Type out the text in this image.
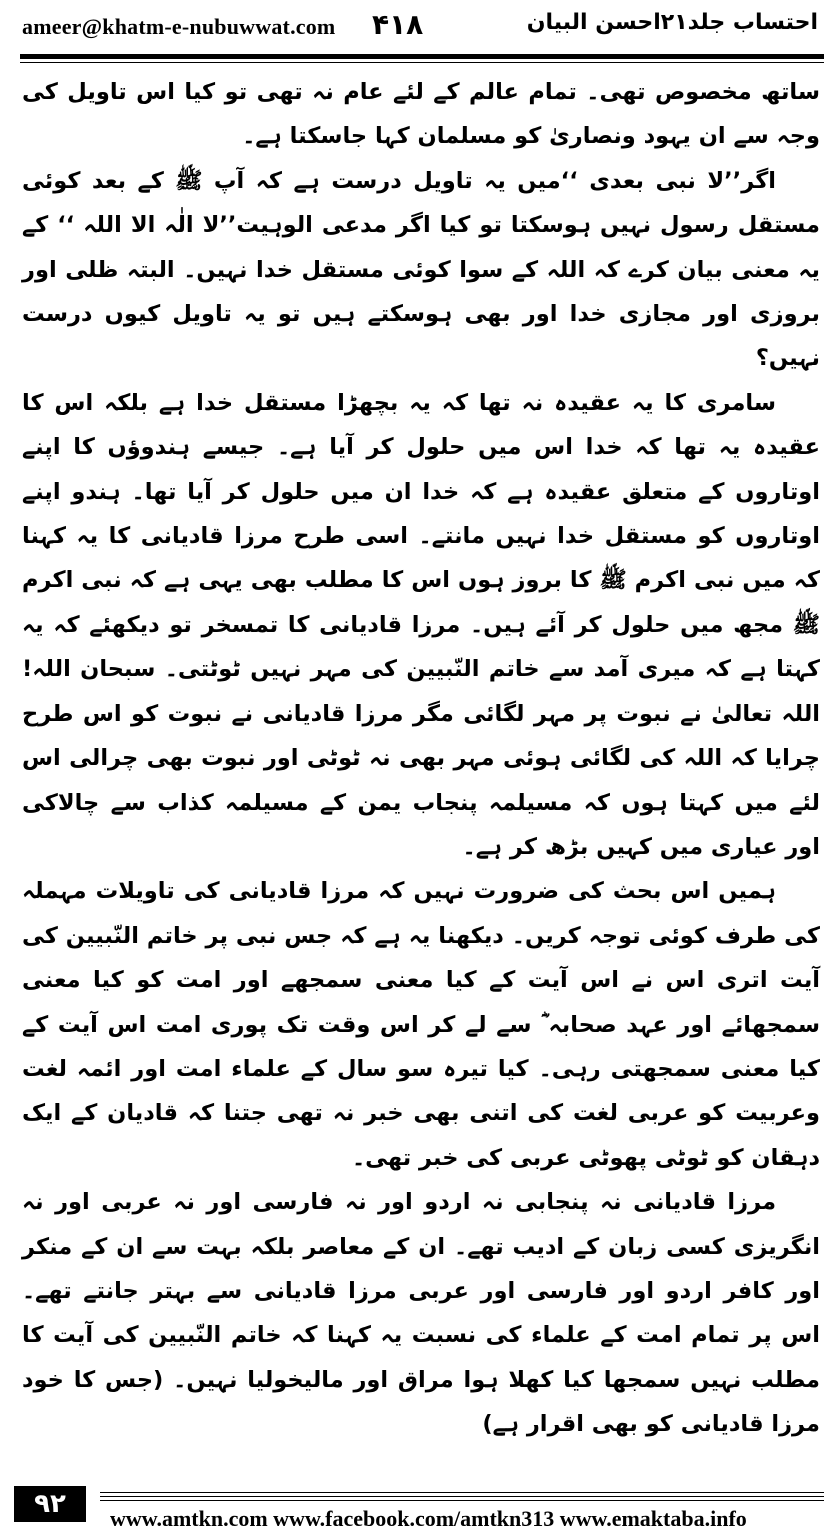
ameer@khatm-e-nubuwwat.com ۴۱۸	احتساب جلد۲۱احسن البیان

ساتھ مخصوص تھی۔ تمام عالم کے لئے عام نہ تھی تو کیا اس تاویل کی وجہ سے ان یہود ونصاریٰ کو مسلمان کہا جاسکتا ہے۔

اگر’’لا نبی بعدی ‘‘میں یہ تاویل درست ہے کہ آپ ﷺ کے بعد کوئی مستقل رسول نہیں ہوسکتا تو کیا اگر مدعی الوہیت’’لا الٰہ الا اللہ ‘‘ کے یہ معنی بیان کرے کہ اللہ کے سوا کوئی مستقل خدا نہیں۔ البتہ ظلی اور بروزی اور مجازی خدا اور بھی ہوسکتے ہیں تو یہ تاویل کیوں درست نہیں؟

سامری کا یہ عقیدہ نہ تھا کہ یہ بچھڑا مستقل خدا ہے بلکہ اس کا عقیدہ یہ تھا کہ خدا اس میں حلول کر آیا ہے۔ جیسے ہندوؤں کا اپنے اوتاروں کے متعلق عقیدہ ہے کہ خدا ان میں حلول کر آیا تھا۔ ہندو اپنے اوتاروں کو مستقل خدا نہیں مانتے۔ اسی طرح مرزا قادیانی کا یہ کہنا کہ میں نبی اکرم ﷺ کا بروز ہوں اس کا مطلب بھی یہی ہے کہ نبی اکرم ﷺ مجھ میں حلول کر آئے ہیں۔ مرزا قادیانی کا تمسخر تو دیکھئے کہ یہ کہتا ہے کہ میری آمد سے خاتم النّبیین کی مہر نہیں ٹوٹتی۔ سبحان اللہ! اللہ تعالیٰ نے نبوت پر مہر لگائی مگر مرزا قادیانی نے نبوت کو اس طرح چرایا کہ اللہ کی لگائی ہوئی مہر بھی نہ ٹوٹی اور نبوت بھی چرالی اس لئے میں کہتا ہوں کہ مسیلمہ پنجاب یمن کے مسیلمہ کذاب سے چالاکی اور عیاری میں کہیں بڑھ کر ہے۔

ہمیں اس بحث کی ضرورت نہیں کہ مرزا قادیانی کی تاویلات مہملہ کی طرف کوئی توجہ کریں۔ دیکھنا یہ ہے کہ جس نبی پر خاتم النّبیین کی آیت اتری اس نے اس آیت کے کیا معنی سمجھے اور امت کو کیا معنی سمجھائے اور عہد صحابہ ؓ سے لے کر اس وقت تک پوری امت اس آیت کے کیا معنی سمجھتی رہی۔ کیا تیرہ سو سال کے علماء امت اور ائمہ لغت وعربیت کو عربی لغت کی اتنی بھی خبر نہ تھی جتنا کہ قادیان کے ایک دہقان کو ٹوٹی پھوٹی عربی کی خبر تھی۔

مرزا قادیانی نہ پنجابی نہ اردو اور نہ فارسی اور نہ عربی اور نہ انگریزی کسی زبان کے ادیب تھے۔ ان کے معاصر بلکہ بہت سے ان کے منکر اور کافر اردو اور فارسی اور عربی مرزا قادیانی سے بہتر جانتے تھے۔ اس پر تمام امت کے علماء کی نسبت یہ کہنا کہ خاتم النّبیین کی آیت کا مطلب نہیں سمجھا کیا کھلا ہوا مراق اور مالیخولیا نہیں۔ (جس کا خود مرزا قادیانی کو بھی اقرار ہے)

۹۲	www.amtkn.com www.facebook.com/amtkn313 www.emaktaba.info
